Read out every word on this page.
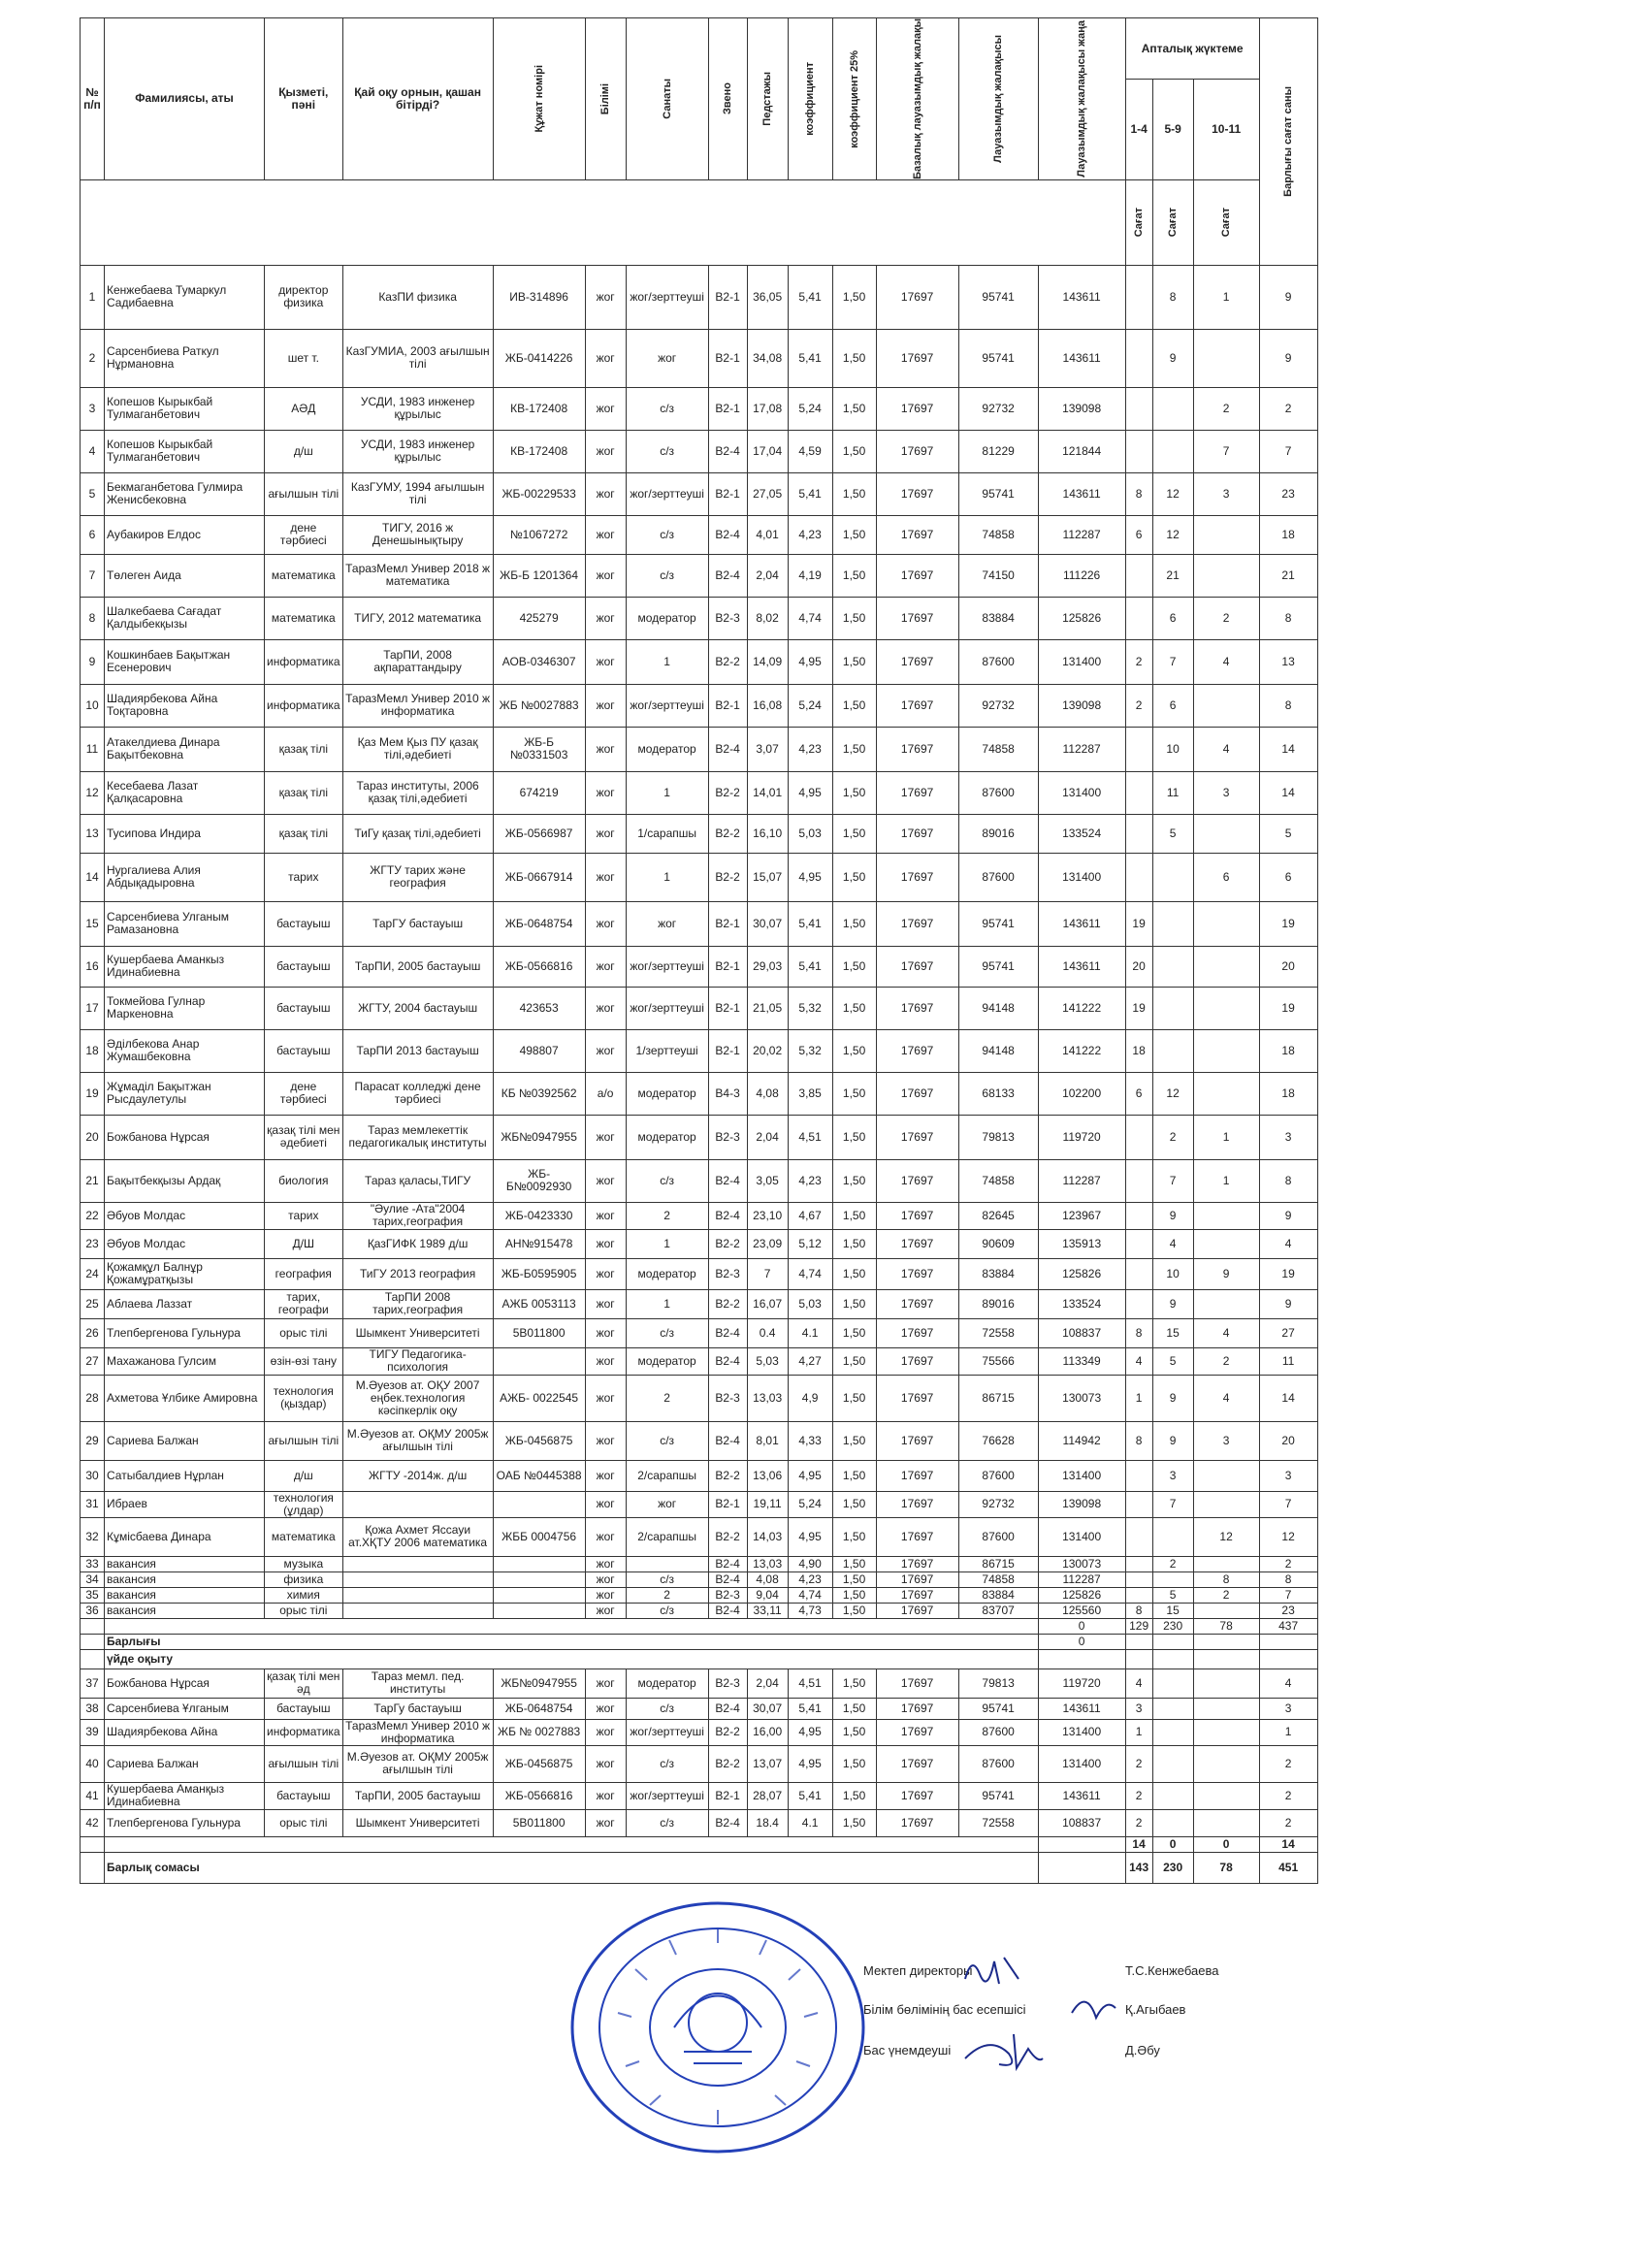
№ п/п	Фамилиясы, аты	Қызметі, пәні	Қай оқу орнын, қашан бітірді?	Құжат номірі	Білімі	Санаты	Звено	Педстажы	коэффициент	коэффициент 25%	Базалық лауазымдық жалақы	Лауазымдық жалақысы	Лауазымдық жалақысы жаңа	Апталық жүктеме			Барлығы сағат саны

														1-4	5-9	10-11	

														Сағат	Сағат	Сағат	

1	Кенжебаева Тумаркул Садибаевна	директор физика	КазПИ физика	ИВ-314896	жог	жог/зерттеуші	В2-1	36,05	5,41	1,50	17697	95741	143611		8	1	9
2	Сарсенбиева Раткул Нұрмановна	шет т.	КазГУМИА, 2003 ағылшын тілі	ЖБ-0414226	жог	жог	В2-1	34,08	5,41	1,50	17697	95741	143611		9		9
3	Копешов Кырыкбай Тулмаганбетович	АӘД	УСДИ, 1983 инженер құрылыс	КВ-172408	жог	с/з	В2-1	17,08	5,24	1,50	17697	92732	139098			2	2
4	Копешов Кырыкбай Тулмаганбетович	д/ш	УСДИ, 1983 инженер құрылыс	КВ-172408	жог	с/з	В2-4	17,04	4,59	1,50	17697	81229	121844			7	7
5	Бекмаганбетова Гулмира Женисбековна	ағылшын тілі	КазГУМУ, 1994 ағылшын тілі	ЖБ-00229533	жог	жог/зерттеуші	В2-1	27,05	5,41	1,50	17697	95741	143611	8	12	3	23
6	Аубакиров Елдос	дене тәрбиесі	ТИГУ, 2016 ж Денешынықтыру	№1067272	жог	с/з	В2-4	4,01	4,23	1,50	17697	74858	112287	6	12		18
7	Төлеген Аида	математика	ТаразМемл Универ 2018 ж математика	ЖБ-Б 1201364	жог	с/з	В2-4	2,04	4,19	1,50	17697	74150	111226		21		21
8	Шалкебаева Сағадат Қалдыбекқызы	математика	ТИГУ, 2012 математика	425279	жог	модератор	В2-3	8,02	4,74	1,50	17697	83884	125826		6	2	8
9	Кошкинбаев Бақытжан Есенерович	информатика	ТарПИ, 2008 ақпараттандыру	АОВ-0346307	жог	1	В2-2	14,09	4,95	1,50	17697	87600	131400	2	7	4	13
10	Шадиярбекова Айна Тоқтаровна	информатика	ТаразМемл Универ 2010 ж информатика	ЖБ №0027883	жог	жог/зерттеуші	В2-1	16,08	5,24	1,50	17697	92732	139098	2	6		8
11	Атакелдиева Динара Бақытбековна	қазақ тілі	Қаз Мем Қыз ПУ қазақ тілі,әдебиеті	ЖБ-Б №0331503	жог	модератор	В2-4	3,07	4,23	1,50	17697	74858	112287		10	4	14
12	Кесебаева Лазат Қалқасаровна	қазақ тілі	Тараз институты, 2006 қазақ тілі,әдебиеті	674219	жог	1	В2-2	14,01	4,95	1,50	17697	87600	131400		11	3	14
13	Тусипова Индира	қазақ тілі	ТиГу қазақ тілі,әдебиеті	ЖБ-0566987	жог	1/сарапшы	В2-2	16,10	5,03	1,50	17697	89016	133524		5		5
14	Нургалиева Алия Абдықадыровна	тарих	ЖГТУ тарих және география	ЖБ-0667914	жог	1	В2-2	15,07	4,95	1,50	17697	87600	131400			6	6
15	Сарсенбиева Улганым Рамазановна	бастауыш	ТарГУ бастауыш	ЖБ-0648754	жог	жог	В2-1	30,07	5,41	1,50	17697	95741	143611	19			19
16	Кушербаева Аманкыз Идинабиевна	бастауыш	ТарПИ, 2005 бастауыш	ЖБ-0566816	жог	жог/зерттеуші	В2-1	29,03	5,41	1,50	17697	95741	143611	20			20
17	Токмейова Гулнар Маркеновна	бастауыш	ЖГТУ, 2004 бастауыш	423653	жог	жог/зерттеуші	В2-1	21,05	5,32	1,50	17697	94148	141222	19			19
18	Әділбекова Анар Жумашбековна	бастауыш	ТарПИ 2013 бастауыш	498807	жог	1/зерттеуші	В2-1	20,02	5,32	1,50	17697	94148	141222	18			18
19	Жұмаділ Бақытжан Рысдаулетулы	дене тәрбиесі	Парасат колледжі дене тәрбиесі	КБ №0392562	а/о	модератор	В4-3	4,08	3,85	1,50	17697	68133	102200	6	12		18
20	Божбанова Нұрсая	қазақ тілі мен әдебиеті	Тараз мемлекеттік педагогикалық институты	ЖБ№0947955	жог	модератор	В2-3	2,04	4,51	1,50	17697	79813	119720		2	1	3
21	Бақытбекқызы Ардақ	биология	Тараз қаласы,ТИГУ	ЖБ-Б№0092930	жог	с/з	В2-4	3,05	4,23	1,50	17697	74858	112287		7	1	8
22	Әбуов Молдас	тарих	"Әулие -Ата"2004 тарих,география	ЖБ-0423330	жог	2	В2-4	23,10	4,67	1,50	17697	82645	123967		9		9
23	Әбуов Молдас	Д/Ш	ҚазГИФК 1989 д/ш	АН№915478	жог	1	В2-2	23,09	5,12	1,50	17697	90609	135913		4		4
24	Қожамқұл Балнұр Қожамұратқызы	география	ТиГУ 2013 география	ЖБ-Б0595905	жог	модератор	В2-3	7	4,74	1,50	17697	83884	125826		10	9	19
25	Аблаева Лаззат	тарих, географи	ТарПИ 2008 тарих,география	АЖБ 0053113	жог	1	В2-2	16,07	5,03	1,50	17697	89016	133524		9		9
26	Тлепбергенова Гульнура	орыс тілі	Шымкент Университеті	5В011800	жог	с/з	В2-4	0.4	4.1	1,50	17697	72558	108837	8	15	4	27
27	Махажанова Гулсим	өзін-өзі тану	ТИГУ Педагогика-психология		жог	модератор	В2-4	5,03	4,27	1,50	17697	75566	113349	4	5	2	11
28	Ахметова Ұлбике Амировна	технология (қыздар)	М.Әуезов ат. ОҚУ 2007 еңбек.технология кәсіпкерлік оқу	АЖБ- 0022545	жог	2	В2-3	13,03	4,9	1,50	17697	86715	130073	1	9	4	14
29	Сариева Балжан	ағылшын тілі	М.Әуезов ат. ОҚМУ 2005ж ағылшын тілі	ЖБ-0456875	жог	с/з	В2-4	8,01	4,33	1,50	17697	76628	114942	8	9	3	20
30	Сатыбалдиев Нұрлан	д/ш	ЖГТУ -2014ж. д/ш	ОАБ №0445388	жог	2/сарапшы	В2-2	13,06	4,95	1,50	17697	87600	131400		3		3
31	Ибраев	технология (ұлдар)			жог	жог	В2-1	19,11	5,24	1,50	17697	92732	139098		7		7
32	Кұмісбаева Динара	математика	Қожа Ахмет Яссауи ат.ХҚТУ 2006 математика	ЖББ 0004756	жог	2/сарапшы	В2-2	14,03	4,95	1,50	17697	87600	131400			12	12
33	вакансия	музыка			жог		В2-4	13,03	4,90	1,50	17697	86715	130073		2		2
34	вакансия	физика			жог	с/з	В2-4	4,08	4,23	1,50	17697	74858	112287			8	8
35	вакансия	химия			жог	2	В2-3	9,04	4,74	1,50	17697	83884	125826		5	2	7
36	вакансия	орыс тілі			жог	с/з	В2-4	33,11	4,73	1,50	17697	83707	125560	8	15		23
													0	129	230	78	437
	Барлығы												0				
	үйде оқыту																
37	Божбанова Нұрсая	қазақ тілі мен әд	Тараз мемл. пед. институты	ЖБ№0947955	жог	модератор	В2-3	2,04	4,51	1,50	17697	79813	119720	4			4
38	Сарсенбиева Ұлганым	бастауыш	ТарГу бастауыш	ЖБ-0648754	жог	с/з	В2-4	30,07	5,41	1,50	17697	95741	143611	3			3
39	Шадиярбекова Айна	информатика	ТаразМемл Универ 2010 ж информатика	ЖБ № 0027883	жог	жог/зерттеуші	В2-2	16,00	4,95	1,50	17697	87600	131400	1			1
40	Сариева Балжан	ағылшын тілі	М.Әуезов ат. ОҚМУ 2005ж ағылшын тілі	ЖБ-0456875	жог	с/з	В2-2	13,07	4,95	1,50	17697	87600	131400	2			2
41	Кушербаева Аманқыз Идинабиевна	бастауыш	ТарПИ, 2005 бастауыш	ЖБ-0566816	жог	жог/зерттеуші	В2-1	28,07	5,41	1,50	17697	95741	143611	2			2
42	Тлепбергенова Гульнура	орыс тілі	Шымкент Университеті	5В011800	жог	с/з	В2-4	18.4	4.1	1,50	17697	72558	108837	2			2
														14	0	0	14
	Барлық сомасы													143	230	78	451
Мектеп директоры	Т.С.Кенжебаева
Білім бөлімінің бас есепшісі	Қ.Агыбаев
Бас үнемдеуші	Д.Әбу
